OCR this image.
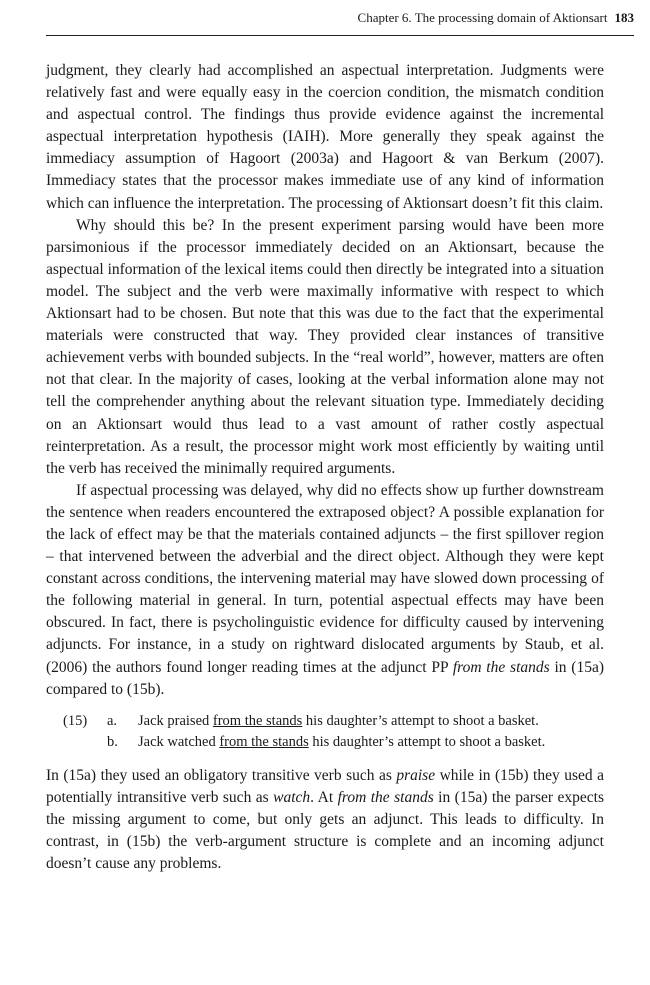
Chapter 6. The processing domain of Aktionsart 183

judgment, they clearly had accomplished an aspectual interpretation. Judgments were relatively fast and were equally easy in the coercion condition, the mismatch condition and aspectual control. The findings thus provide evidence against the incremental aspectual interpretation hypothesis (IAIH). More generally they speak against the immediacy assumption of Hagoort (2003a) and Hagoort & van Berkum (2007). Immediacy states that the processor makes immediate use of any kind of information which can influence the interpretation. The processing of Aktionsart doesn’t fit this claim.

Why should this be? In the present experiment parsing would have been more parsimonious if the processor immediately decided on an Aktionsart, because the aspectual information of the lexical items could then directly be integrated into a situation model. The subject and the verb were maximally informative with respect to which Aktionsart had to be chosen. But note that this was due to the fact that the experimental materials were constructed that way. They provided clear instances of transitive achievement verbs with bounded subjects. In the “real world”, however, matters are often not that clear. In the majority of cases, looking at the verbal information alone may not tell the comprehender anything about the relevant situation type. Immediately deciding on an Aktionsart would thus lead to a vast amount of rather costly aspectual reinterpretation. As a result, the processor might work most efficiently by waiting until the verb has received the minimally required arguments.

If aspectual processing was delayed, why did no effects show up further downstream the sentence when readers encountered the extraposed object? A possible explanation for the lack of effect may be that the materials contained adjuncts – the first spillover region – that intervened between the adverbial and the direct object. Although they were kept constant across conditions, the intervening material may have slowed down processing of the following material in general. In turn, potential aspectual effects may have been obscured. In fact, there is psycholinguistic evidence for difficulty caused by intervening adjuncts. For instance, in a study on rightward dislocated arguments by Staub, et al.(2006) the authors found longer reading times at the adjunct PP from the stands in (15a) compared to (15b).

(15)	a.	Jack praised from the stands his daughter’s attempt to shoot a basket.
b.	Jack watched from the stands his daughter’s attempt to shoot a basket.

In (15a) they used an obligatory transitive verb such as praise while in (15b) they used a potentially intransitive verb such as watch. At from the stands in (15a) the parser expects the missing argument to come, but only gets an adjunct. This leads to difficulty. In contrast, in (15b) the verb-argument structure is complete and an incoming adjunct doesn’t cause any problems.
